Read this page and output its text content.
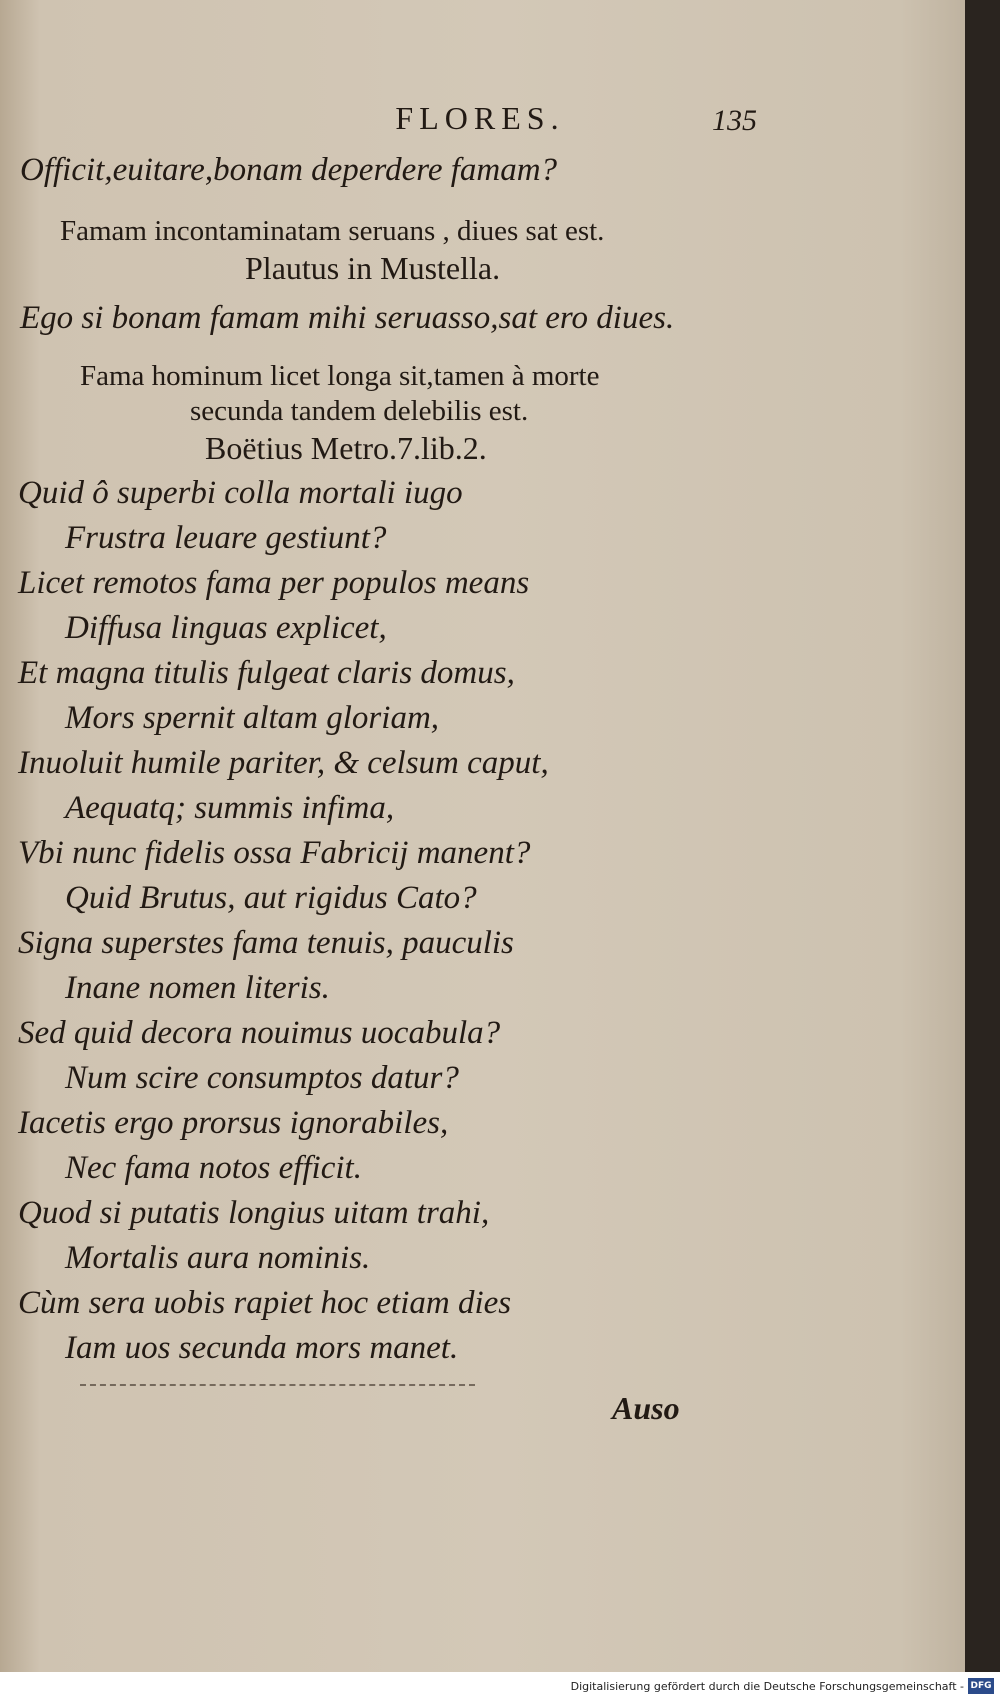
FLORES.	135
Officit,euitare,bonam deperdere famam?
Famam incontaminatam seruans , diues sat est.
Plautus in Mustella.
Ego si bonam famam mihi seruasso,sat ero diues.
Fama hominum licet longa sit,tamen à morte
secunda tandem delebilis est.
Boëtius Metro.7.lib.2.
Quid ô superbi colla mortali iugo
Frustra leuare gestiunt?
Licet remotos fama per populos means
Diffusa linguas explicet,
Et magna titulis fulgeat claris domus,
Mors spernit altam gloriam,
Inuoluit humile pariter, & celsum caput,
Aequatq; summis infima,
Vbi nunc fidelis ossa Fabricij manent?
Quid Brutus, aut rigidus Cato?
Signa superstes fama tenuis, pauculis
Inane nomen literis.
Sed quid decora nouimus uocabula?
Num scire consumptos datur?
Iacetis ergo prorsus ignorabiles,
Nec fama notos efficit.
Quod si putatis longius uitam trahi,
Mortalis aura nominis.
Cùm sera uobis rapiet hoc etiam dies
Iam uos secunda mors manet.
Auso
Digitalisierung gefördert durch die Deutsche Forschungsgemeinschaft - DFG
